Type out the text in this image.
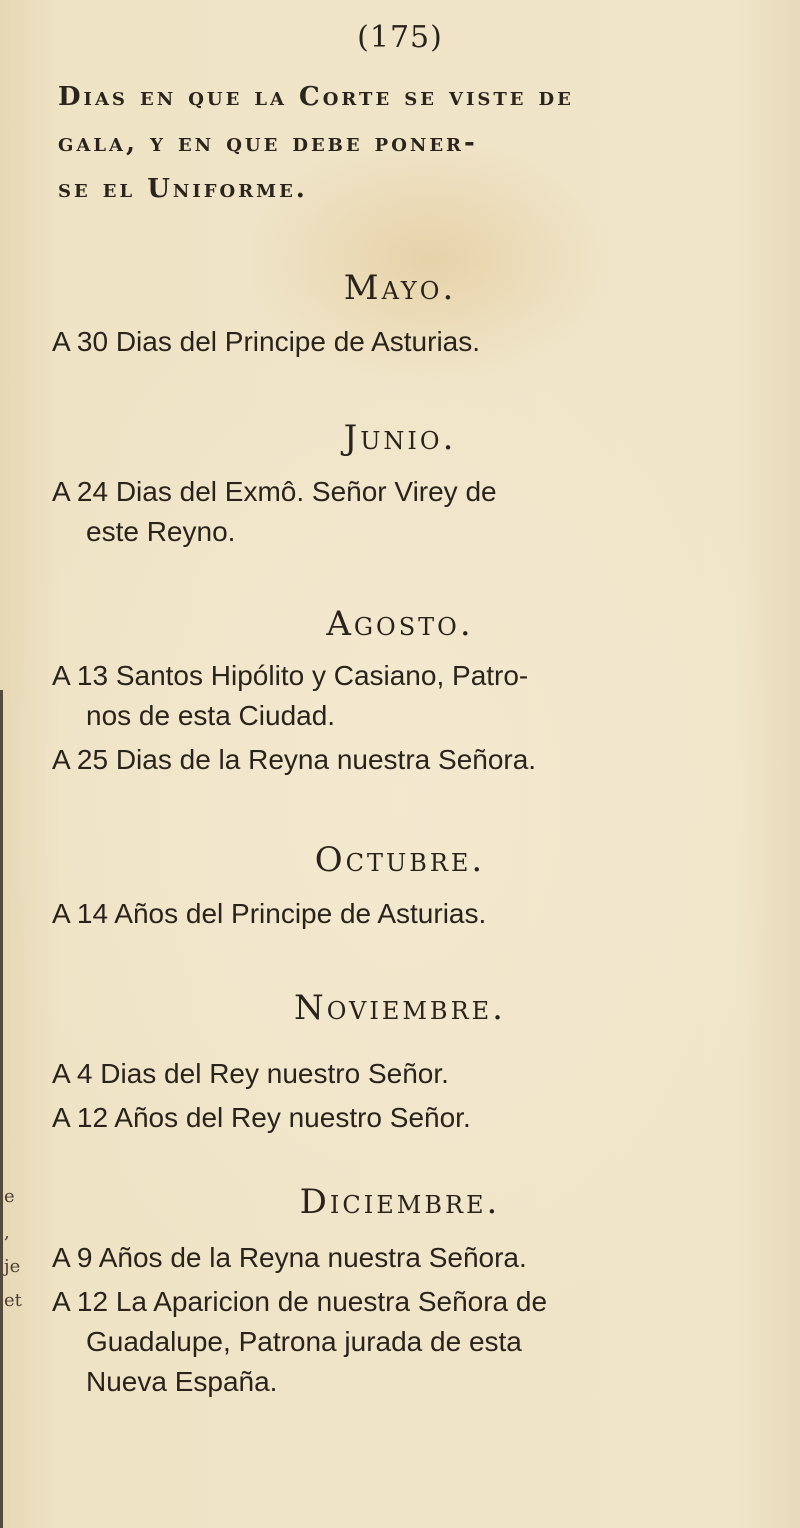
e
,
je
et
(175)
Dias en que la Corte se viste de
gala, y en que debe poner-
se el Uniforme.
Mayo.
A 30 Dias del Principe de Asturias.
Junio.
A 24 Dias del Exmô. Señor Virey de
este Reyno.
Agosto.
A 13 Santos Hipólito y Casiano, Patro-
nos de esta Ciudad.
A 25 Dias de la Reyna nuestra Señora.
Octubre.
A 14 Años del Principe de Asturias.
Noviembre.
A 4 Dias del Rey nuestro Señor.
A 12 Años del Rey nuestro Señor.
Diciembre.
A 9 Años de la Reyna nuestra Señora.
A 12 La Aparicion de nuestra Señora de
Guadalupe, Patrona jurada de esta
Nueva España.
